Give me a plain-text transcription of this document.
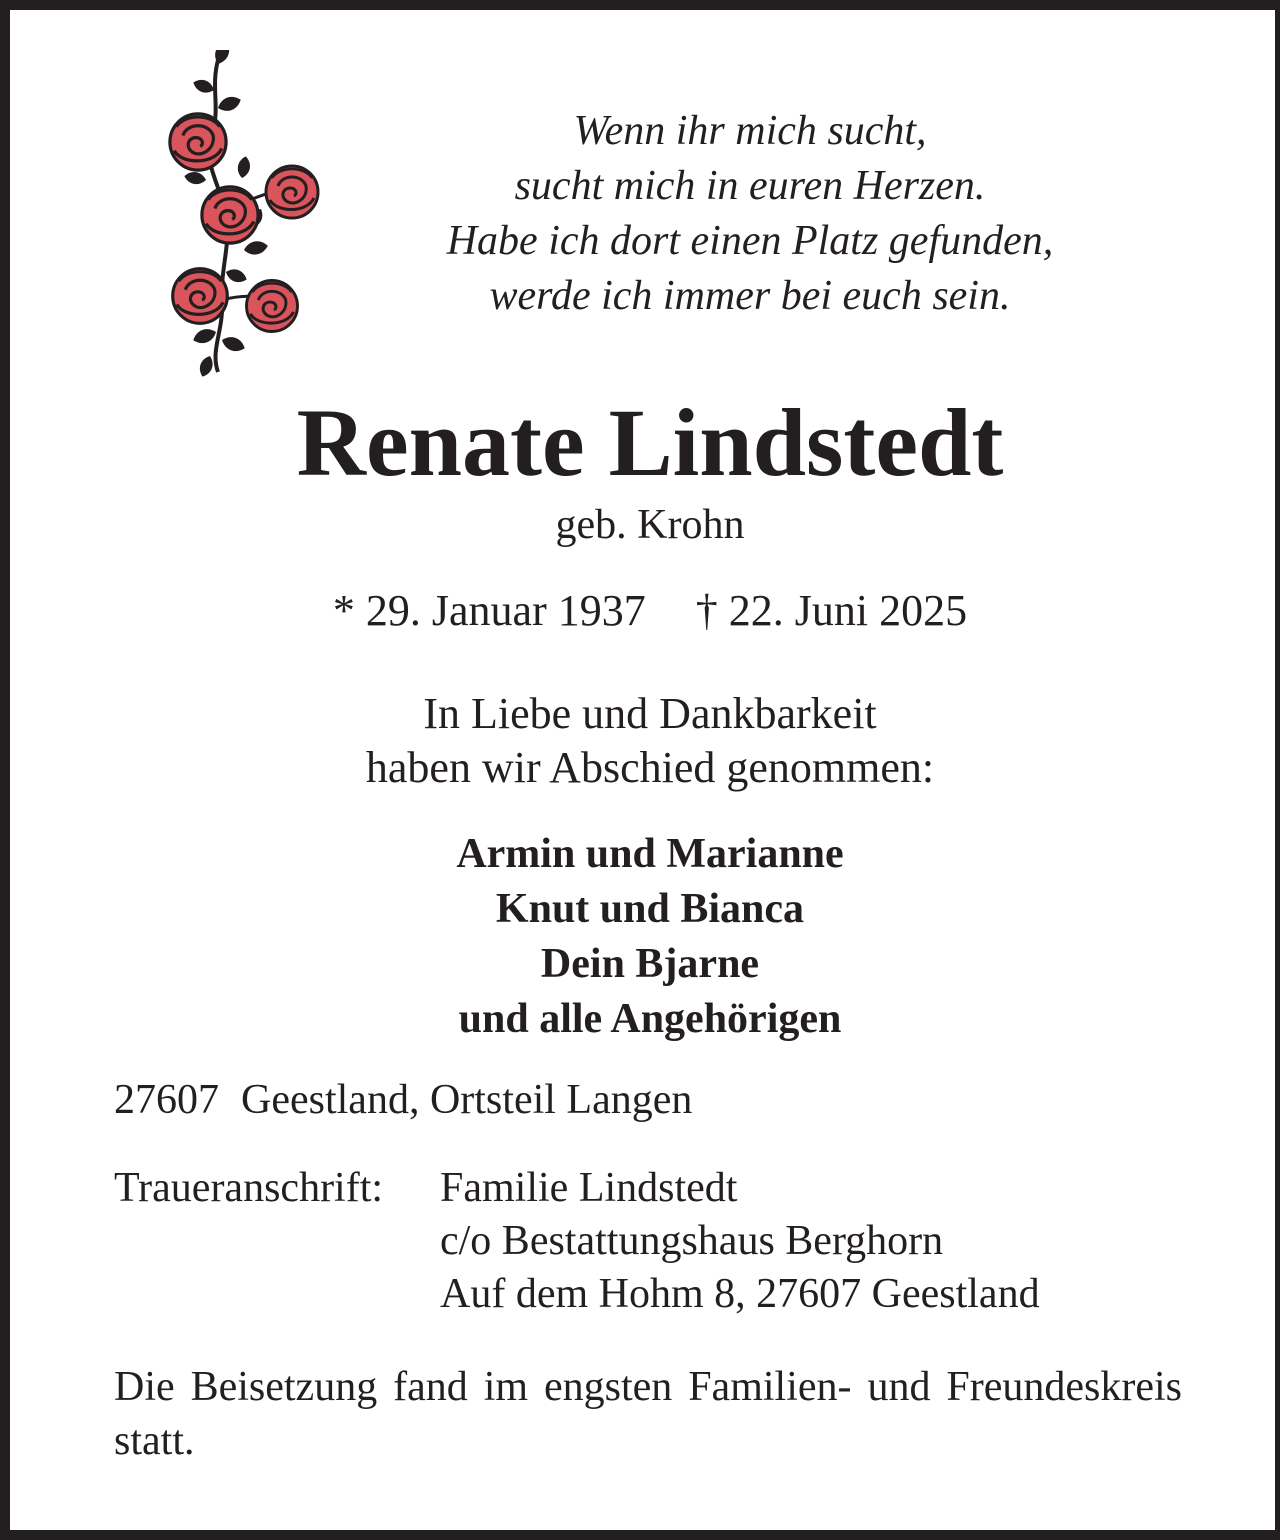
Wenn ihr mich sucht,
sucht mich in euren Herzen.
Habe ich dort einen Platz gefunden,
werde ich immer bei euch sein.
Renate Lindstedt
geb. Krohn
* 29. Januar 1937 † 22. Juni 2025
In Liebe und Dankbarkeit
haben wir Abschied genommen:
Armin und Marianne
Knut und Bianca
Dein Bjarne
und alle Angehörigen
27607 Geestland, Ortsteil Langen
Traueranschrift:	Familie Lindstedt
c/o Bestattungshaus Berghorn
Auf dem Hohm 8, 27607 Geestland
Die Beisetzung fand im engsten Familien- und Freundeskreis statt.
